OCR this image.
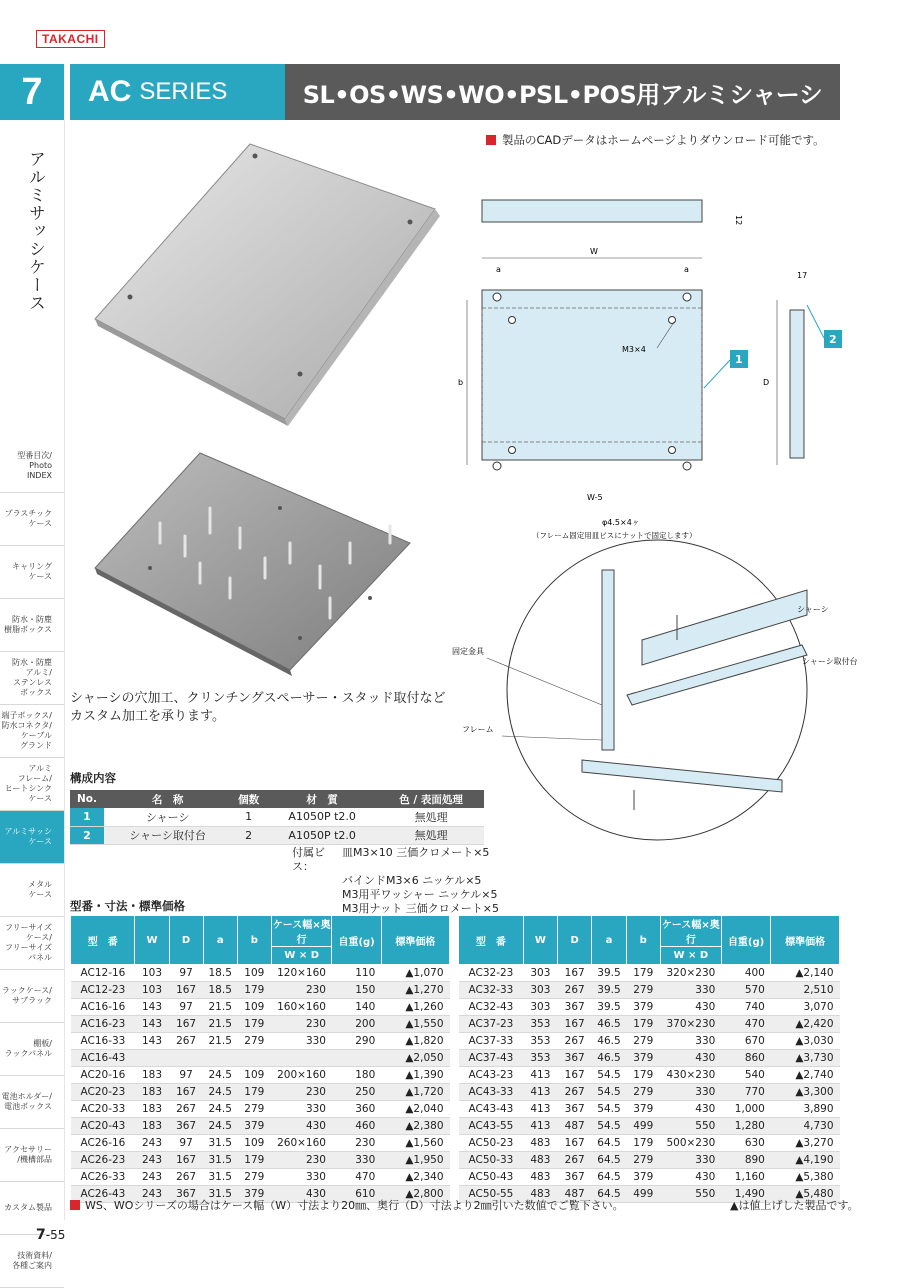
TAKACHI
7	AC SERIES	SL•OS•WS•WO•PSL•POS用アルミシャーシ
アルミサッシケース
型番目次/
Photo
INDEX
プラスチック
ケース
キャリング
ケース
防水・防塵
樹脂ボックス
防水・防塵
アルミ/
ステンレス
ボックス
端子ボックス/
防水コネクタ/
ケーブル
グランド
アルミ
フレーム/
ヒートシンク
ケース
アルミサッシ
ケース
メタル
ケース
フリーサイズ
ケース/
フリーサイズ
パネル
ラックケース/
サブラック
棚板/
ラックパネル
電池ホルダー/
電池ボックス
アクセサリー
/機構部品
カスタム製品
技術資料/
各種ご案内
製品のCADデータはホームページよりダウンロード可能です。
シャーシの穴加工、クリンチングスペーサー・スタッド取付など
カスタム加工を承ります。
12
W
a	a
b
M3×4
W-5
φ4.5×4ヶ
（フレーム固定用皿ビスにナットで固定します）
1
17
D
2
シャーシ
シャーシ取付台
固定金具
フレーム
構成内容
No.	名　称	個数	材　質	色 / 表面処理
1	シャーシ	1	A1050P t2.0	無処理
2	シャーシ取付台	2	A1050P t2.0	無処理
付属ビス：
皿M3×10 三価クロメート×5
バインドM3×6 ニッケル×5
M3用平ワッシャー ニッケル×5
M3用ナット 三価クロメート×5
型番・寸法・標準価格
型　番	W	D	a	b	ケース幅×奥行	自重(g)	標準価格
					W × D		
AC12-16	103	97	18.5	109	120×160	110	▲1,070
AC12-23	103	167	18.5	179	230	150	▲1,270
AC16-16	143	97	21.5	109	160×160	140	▲1,260
AC16-23	143	167	21.5	179	230	200	▲1,550
AC16-33	143	267	21.5	279	330	290	▲1,820
AC16-43							▲2,050
AC20-16	183	97	24.5	109	200×160	180	▲1,390
AC20-23	183	167	24.5	179	230	250	▲1,720
AC20-33	183	267	24.5	279	330	360	▲2,040
AC20-43	183	367	24.5	379	430	460	▲2,380
AC26-16	243	97	31.5	109	260×160	230	▲1,560
AC26-23	243	167	31.5	179	230	330	▲1,950
AC26-33	243	267	31.5	279	330	470	▲2,340
AC26-43	243	367	31.5	379	430	610	▲2,800
型　番	W	D	a	b	ケース幅×奥行	自重(g)	標準価格
					W × D		
AC32-23	303	167	39.5	179	320×230	400	▲2,140
AC32-33	303	267	39.5	279	330	570	2,510
AC32-43	303	367	39.5	379	430	740	3,070
AC37-23	353	167	46.5	179	370×230	470	▲2,420
AC37-33	353	267	46.5	279	330	670	▲3,030
AC37-43	353	367	46.5	379	430	860	▲3,730
AC43-23	413	167	54.5	179	430×230	540	▲2,740
AC43-33	413	267	54.5	279	330	770	▲3,300
AC43-43	413	367	54.5	379	430	1,000	3,890
AC43-55	413	487	54.5	499	550	1,280	4,730
AC50-23	483	167	64.5	179	500×230	630	▲3,270
AC50-33	483	267	64.5	279	330	890	▲4,190
AC50-43	483	367	64.5	379	430	1,160	▲5,380
AC50-55	483	487	64.5	499	550	1,490	▲5,480
WS、WOシリーズの場合はケース幅（W）寸法より20㎜、奥行（D）寸法より2㎜引いた数値でご覧下さい。	▲は値上げした製品です。
7-55
